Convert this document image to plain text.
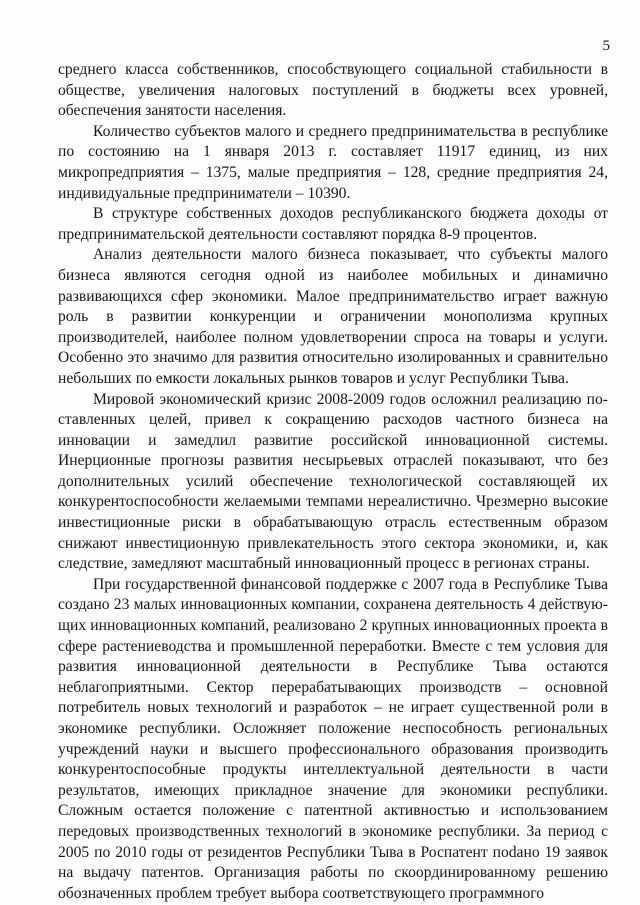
5

среднего класса собственников, способствующего социальной стабильности в обществе, увеличения налоговых поступлений в бюджеты всех уровней, обеспечения занятости населения.

Количество субъектов малого и среднего предпринимательства в республике по состоянию на 1 января 2013 г. составляет 11917 единиц, из них микропредприятия – 1375, малые предприятия – 128, средние предприятия 24, индивидуальные предприниматели – 10390.

В структуре собственных доходов республиканского бюджета доходы от предпринимательской деятельности составляют порядка 8-9 процентов.

Анализ деятельности малого бизнеса показывает, что субъекты малого бизнеса являются сегодня одной из наиболее мобильных и динамично развивающихся сфер экономики. Малое предпринимательство играет важную роль в развитии конкуренции и ограничении монополизма крупных производителей, наиболее полном удовлетворении спроса на товары и услуги. Особенно это значимо для развития относительно изолированных и сравнительно небольших по емкости локальных рынков товаров и услуг Республики Тыва.

Мировой экономический кризис 2008-2009 годов осложнил реализацию поставленных целей, привел к сокращению расходов частного бизнеса на инновации и замедлил развитие российской инновационной системы. Инерционные прогнозы развития несырьевых отраслей показывают, что без дополнительных усилий обеспечение технологической составляющей их конкурентоспособности желаемыми темпами нереалистично. Чрезмерно высокие инвестиционные риски в обрабатывающую отрасль естественным образом снижают инвестиционную привлекательность этого сектора экономики, и, как следствие, замедляют масштабный инновационный процесс в регионах страны.

При государственной финансовой поддержке с 2007 года в Республике Тыва создано 23 малых инновационных компании, сохранена деятельность 4 действующих инновационных компаний, реализовано 2 крупных инновационных проекта в сфере растениеводства и промышленной переработки. Вместе с тем условия для развития инновационной деятельности в Республике Тыва остаются неблагоприятными. Сектор перерабатывающих производств – основной потребитель новых технологий и разработок – не играет существенной роли в экономике республики. Осложняет положение неспособность региональных учреждений науки и высшего профессионального образования производить конкурентоспособные продукты интеллектуальной деятельности в части результатов, имеющих прикладное значение для экономики республики. Сложным остается положение с патентной активностью и использованием передовых производственных технологий в экономике республики. За период с 2005 по 2010 годы от резидентов Республики Тыва в Роспатент поdано 19 заявок на выдачу патентов. Организация работы по скоординированному решению обозначенных проблем требует выбора соответствующего программного
